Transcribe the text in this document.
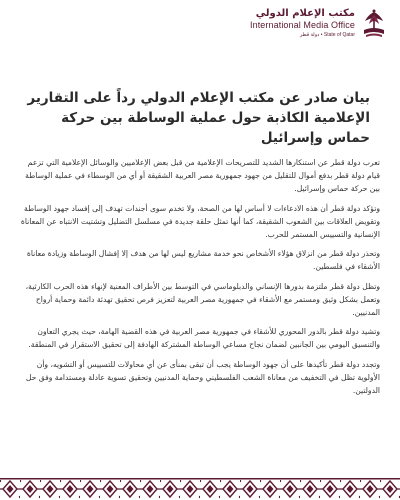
مكتب الإعلام الدولي
International Media Office
State of Qatar • دولة قطر
بيان صادر عن مكتب الإعلام الدولي رداً على التقارير الإعلامية الكاذبة حول عملية الوساطة بين حركة حماس وإسرائيل

تعرب دولة قطر عن استنكارها الشديد للتصريحات الإعلامية من قبل بعض الإعلاميين والوسائل الإعلامية التي تزعم قيام دولة قطر بدفع أموال للتقليل من جهود جمهورية مصر العربية الشقيقة أو أي من الوسطاء في عملية الوساطة بين حركة حماس وإسرائيل.

وتؤكد دولة قطر أن هذه الادعاءات لا أساس لها من الصحة، ولا تخدم سوى أجندات تهدف إلى إفساد جهود الوساطة وتقويض العلاقات بين الشعوب الشقيقة، كما أنها تمثل حلقة جديدة في مسلسل التضليل وتشتيت الانتباه عن المعاناة الإنسانية والتسييس المستمر للحرب.

وتحذر دولة قطر من انزلاق هؤلاء الأشخاص نحو خدمة مشاريع ليس لها من هدف إلا إفشال الوساطة وزيادة معاناة الأشقاء في فلسطين.

وتظل دولة قطر ملتزمة بدورها الإنساني والدبلوماسي في التوسط بين الأطراف المعنية لإنهاء هذه الحرب الكارثية، وتعمل بشكل وثيق ومستمر مع الأشقاء في جمهورية مصر العربية لتعزيز فرص تحقيق تهدئة دائمة وحماية أرواح المدنيين.

وتشيد دولة قطر بالدور المحوري للأشقاء في جمهورية مصر العربية في هذه القضية الهامة، حيث يجري التعاون والتنسيق اليومي بين الجانبين لضمان نجاح مساعي الوساطة المشتركة الهادفة إلى تحقيق الاستقرار في المنطقة.

وتجدد دولة قطر تأكيدها على أن جهود الوساطة يجب أن تبقى بمنأى عن أي محاولات للتسييس أو التشويه، وأن الأولوية تظل في التخفيف من معاناة الشعب الفلسطيني وحماية المدنيين وتحقيق تسوية عادلة ومستدامة وفق حل الدولتين.
